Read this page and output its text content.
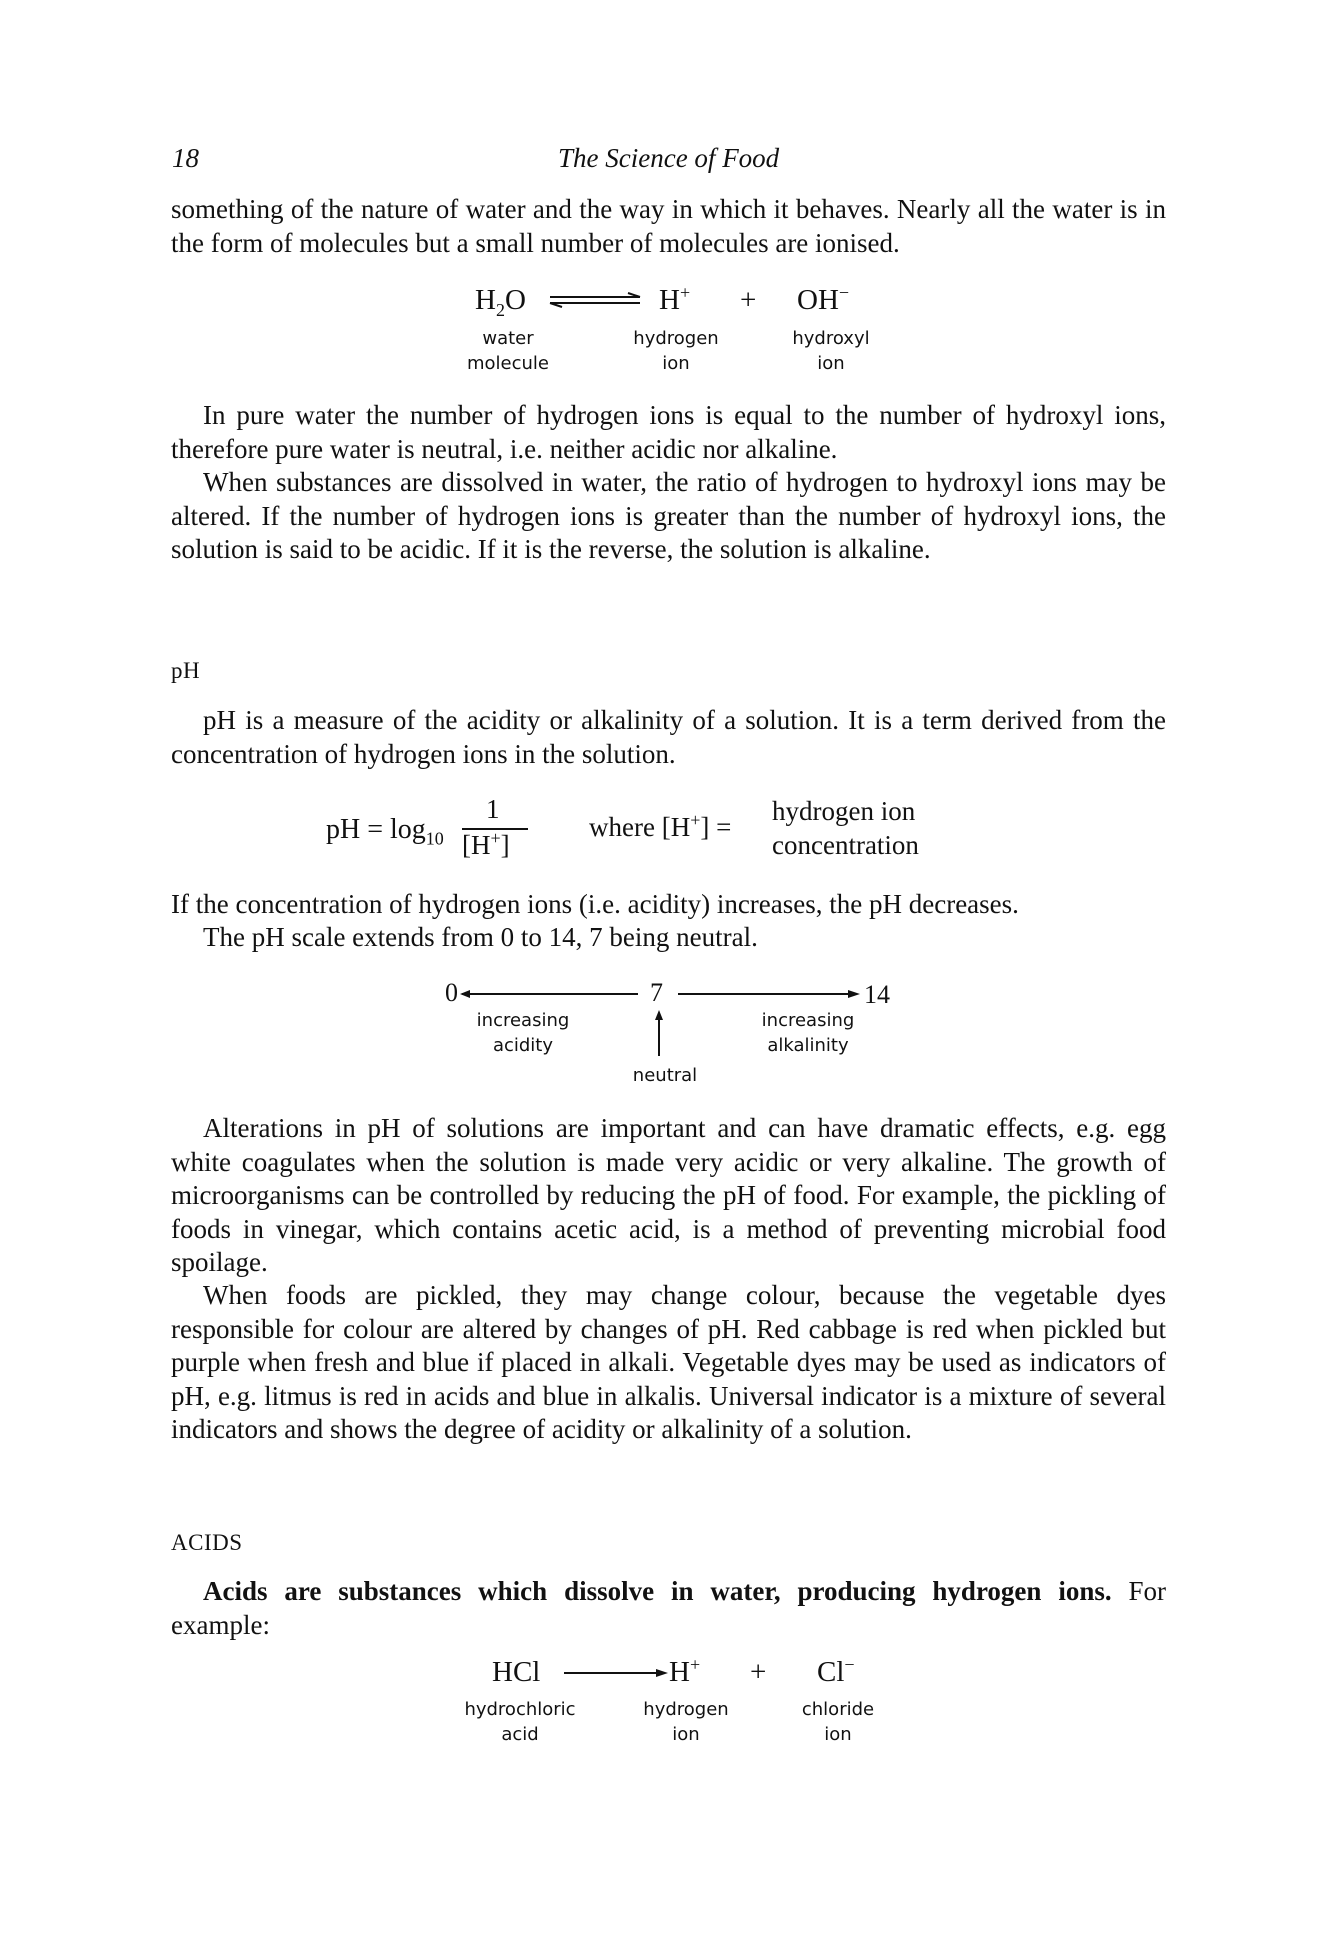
18	The Science of Food

something of the nature of water and the way in which it behaves. Nearly all the water is in the form of molecules but a small number of molecules are ionised.

$H_2O$	H+ + OH−
water
molecule
hydrogen
ion
hydroxyl
ion

In pure water the number of hydrogen ions is equal to the number of hydroxyl ions, therefore pure water is neutral, i.e. neither acidic nor alkaline.

When substances are dissolved in water, the ratio of hydrogen to hydroxyl ions may be altered. If the number of hydrogen ions is greater than the number of hydroxyl ions, the solution is said to be acidic. If it is the reverse, the solution is alkaline.

pH

pH is a measure of the acidity or alkalinity of a solution. It is a term derived from the concentration of hydrogen ions in the solution.

pH = $\log_{10}$
1
[H+]
where [H+] =
hydrogen ion
concentration

If the concentration of hydrogen ions (i.e. acidity) increases, the pH decreases.

The pH scale extends from 0 to 14, 7 being neutral.

0	7	14
increasing
acidity
increasing
alkalinity
neutral

Alterations in pH of solutions are important and can have dramatic effects, e.g. egg white coagulates when the solution is made very acidic or very alkaline. The growth of microorganisms can be controlled by reducing the pH of food. For example, the pickling of foods in vinegar, which contains acetic acid, is a method of preventing microbial food spoilage.

When foods are pickled, they may change colour, because the vegetable dyes responsible for colour are altered by changes of pH. Red cabbage is red when pickled but purple when fresh and blue if placed in alkali. Vegetable dyes may be used as indicators of pH, e.g. litmus is red in acids and blue in alkalis. Universal indicator is a mixture of several indicators and shows the degree of acidity or alkalinity of a solution.

ACIDS

Acids are substances which dissolve in water, producing hydrogen ions. For example:

HCl	H+ + Cl−
hydrochloric
acid
hydrogen
ion
chloride
ion
